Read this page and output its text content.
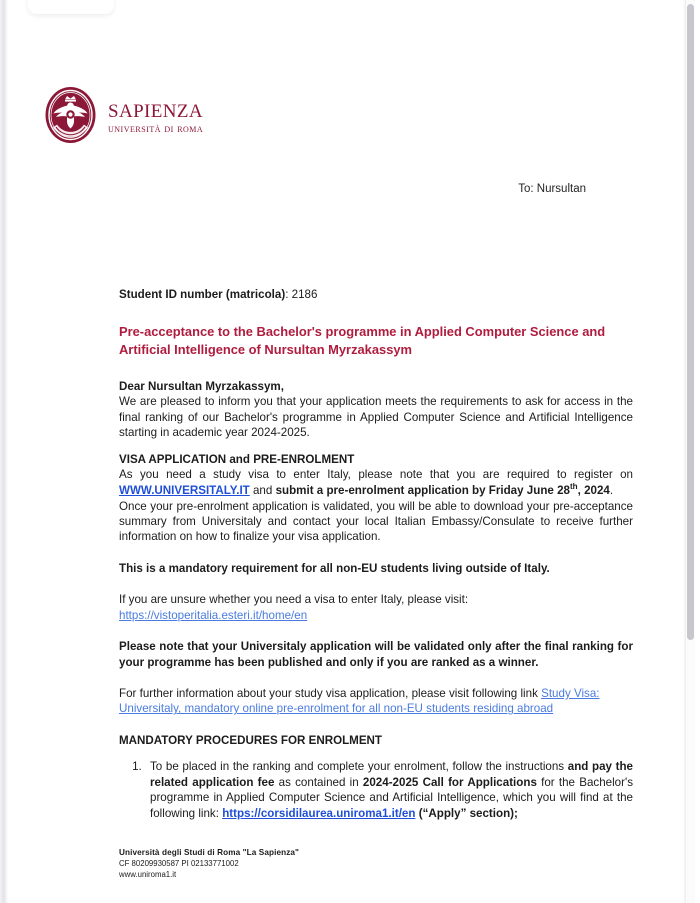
sapienza
università di roma
To: Nursultan
Student ID number (matricola): 2186
Pre-acceptance to the Bachelor's programme in Applied Computer Science and Artificial Intelligence of Nursultan Myrzakassym
Dear Nursultan Myrzakassym,
We are pleased to inform you that your application meets the requirements to ask for access in the final ranking of our Bachelor's programme in Applied Computer Science and Artificial Intelligence starting in academic year 2024-2025.
VISA APPLICATION and PRE-ENROLMENT
As you need a study visa to enter Italy, please note that you are required to register on WWW.UNIVERSITALY.IT and submit a pre-enrolment application by Friday June 28th, 2024.
Once your pre-enrolment application is validated, you will be able to download your pre-acceptance summary from Universitaly and contact your local Italian Embassy/Consulate to receive further information on how to finalize your visa application.
This is a mandatory requirement for all non-EU students living outside of Italy.
If you are unsure whether you need a visa to enter Italy, please visit:
https://vistoperitalia.esteri.it/home/en
Please note that your Universitaly application will be validated only after the final ranking for your programme has been published and only if you are ranked as a winner.
For further information about your study visa application, please visit following link Study Visa: Universitaly, mandatory online pre-enrolment for all non-EU students residing abroad
MANDATORY PROCEDURES FOR ENROLMENT
1. To be placed in the ranking and complete your enrolment, follow the instructions and pay the related application fee as contained in 2024-2025 Call for Applications for the Bachelor's programme in Applied Computer Science and Artificial Intelligence, which you will find at the following link: https://corsidilaurea.uniroma1.it/en (“Apply” section);
Università degli Studi di Roma "La Sapienza"
CF 80209930587 PI 02133771002
www.uniroma1.it
